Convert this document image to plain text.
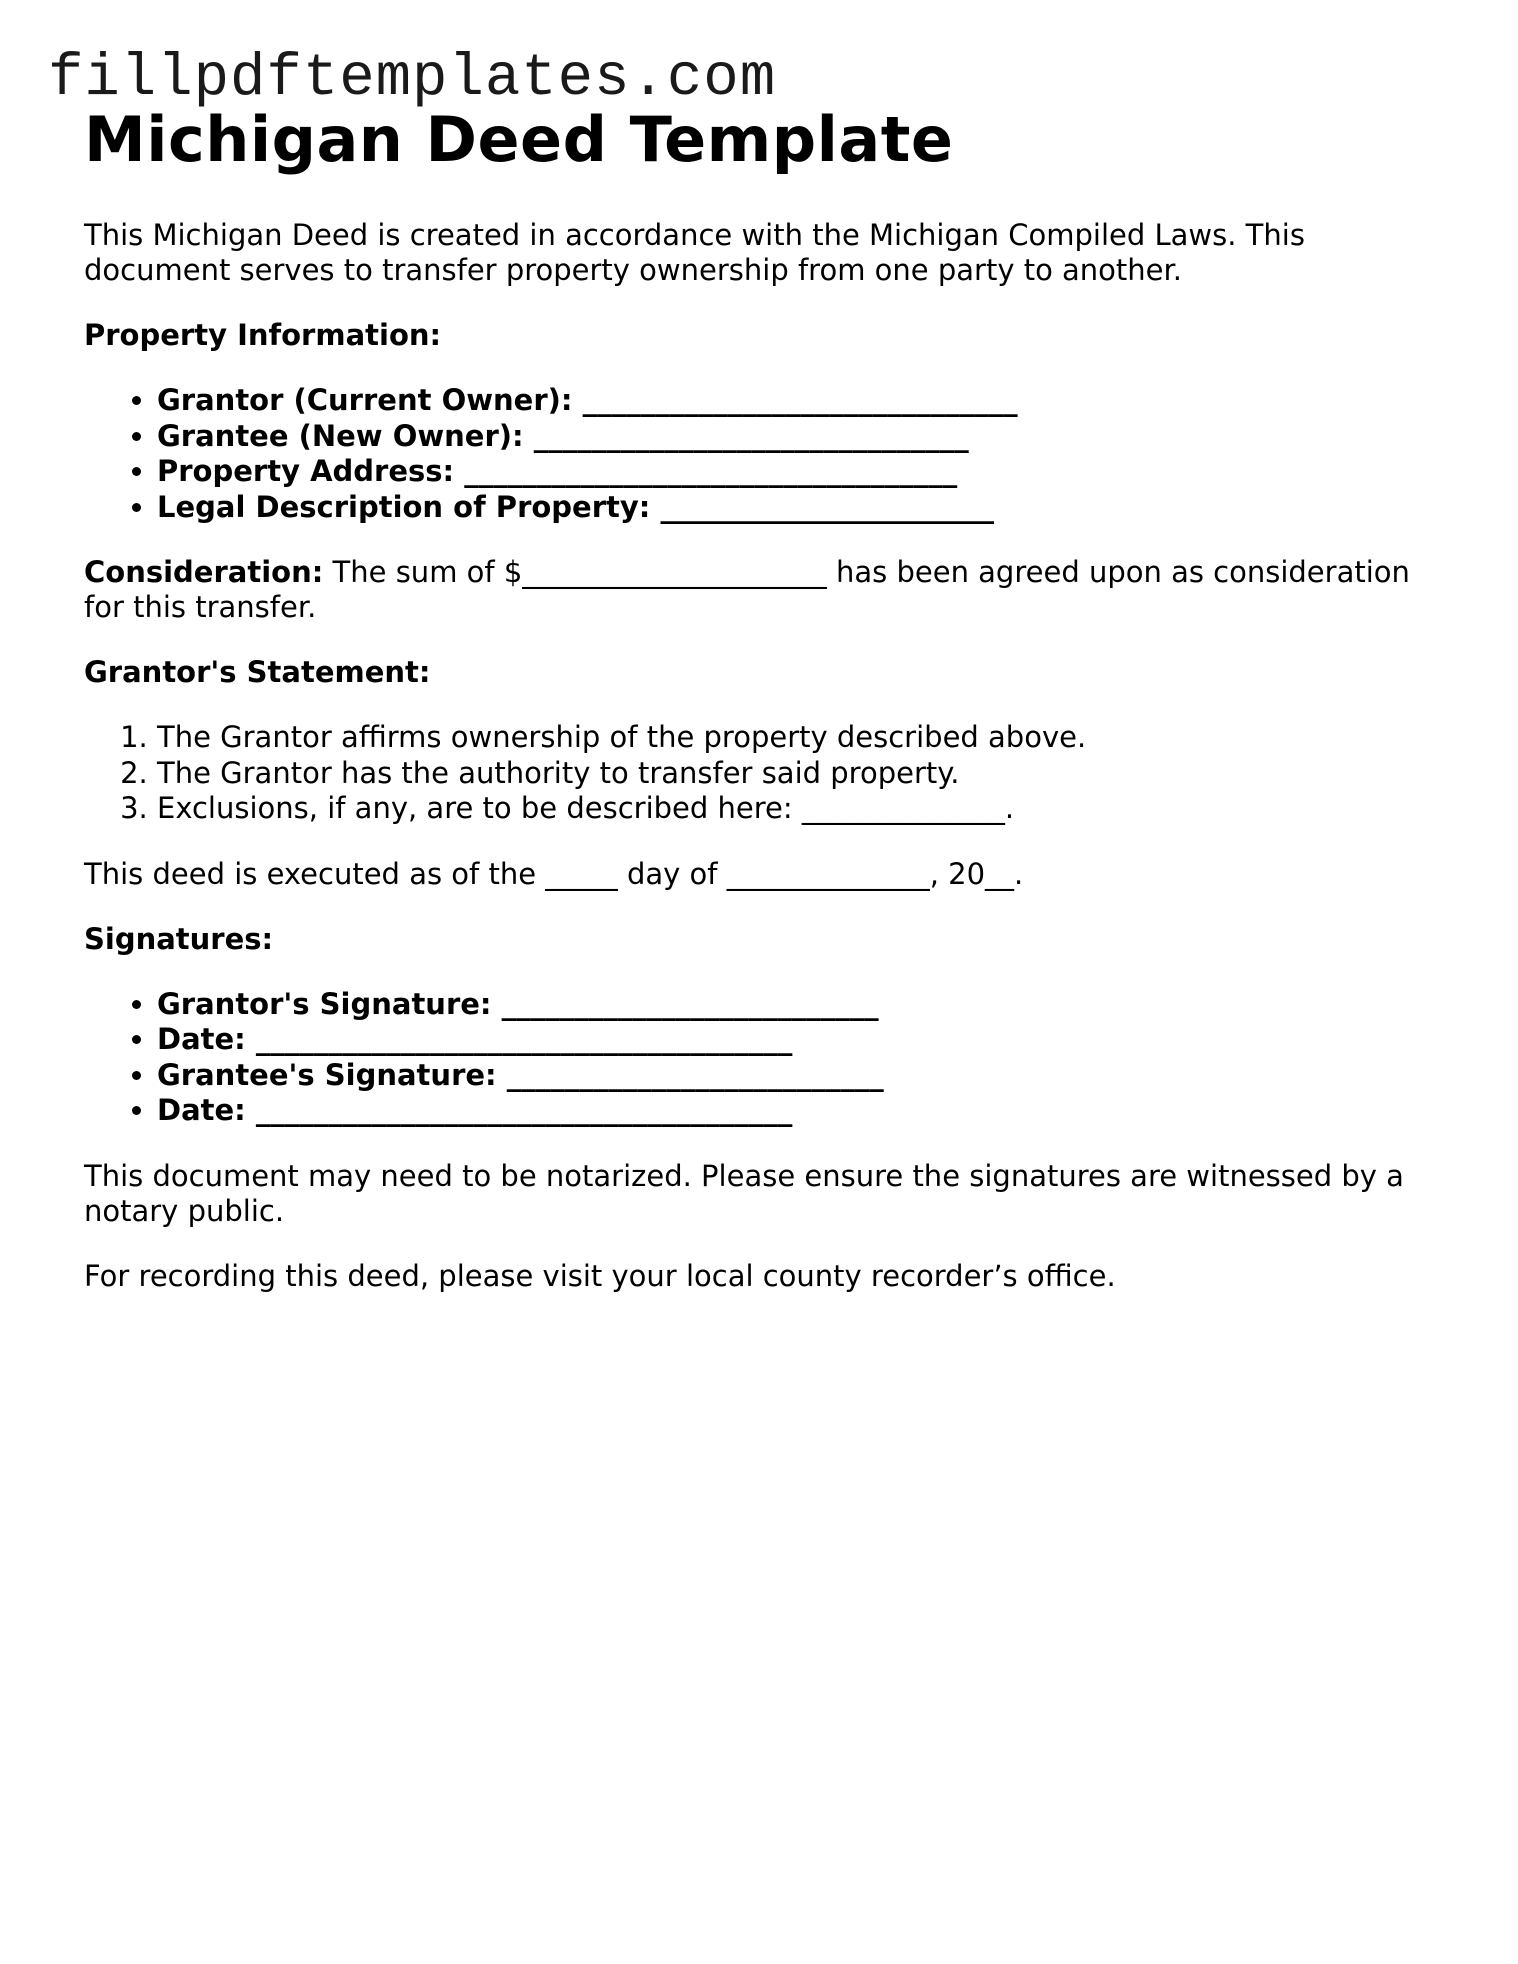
fillpdftemplates.com
Michigan Deed Template

This Michigan Deed is created in accordance with the Michigan Compiled Laws. This document serves to transfer property ownership from one party to another.

Property Information:

• Grantor (Current Owner): ______________________________
• Grantee (New Owner): ______________________________
• Property Address: __________________________________
• Legal Description of Property: _______________________

Consideration: The sum of $_____________________ has been agreed upon as consideration for this transfer.

Grantor's Statement:

1. The Grantor affirms ownership of the property described above.
2. The Grantor has the authority to transfer said property.
3. Exclusions, if any, are to be described here: ______________.

This deed is executed as of the _____ day of ______________, 20__.

Signatures:

• Grantor's Signature: __________________________
• Date: _____________________________________
• Grantee's Signature: __________________________
• Date: _____________________________________

This document may need to be notarized. Please ensure the signatures are witnessed by a notary public.

For recording this deed, please visit your local county recorder’s office.
